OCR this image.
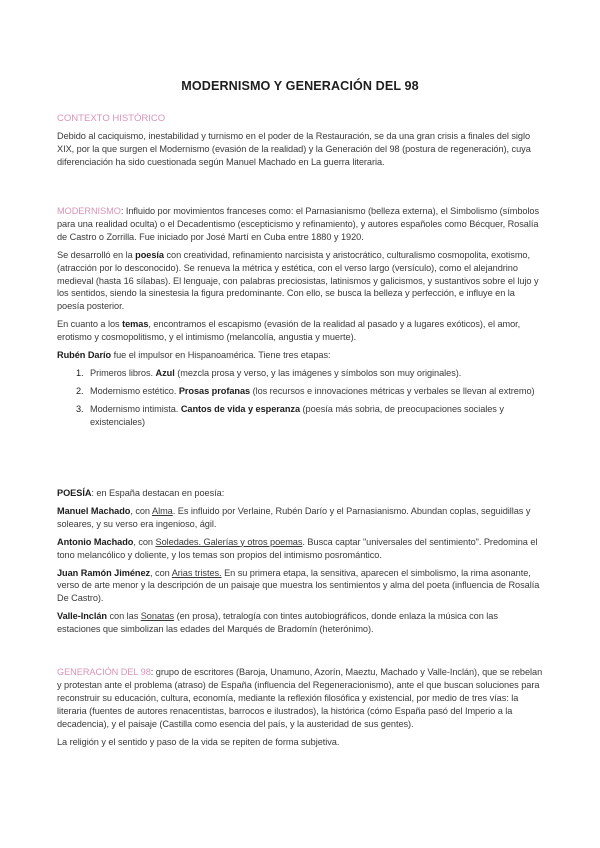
MODERNISMO Y GENERACIÓN DEL 98

CONTEXTO HISTÓRICO

Debido al caciquismo, inestabilidad y turnismo en el poder de la Restauración, se da una gran crisis a finales del siglo XIX, por la que surgen el Modernismo (evasión de la realidad) y la Generación del 98 (postura de regeneración), cuya diferenciación ha sido cuestionada según Manuel Machado en La guerra literaria.

MODERNISMO: Influido por movimientos franceses como: el Parnasianismo (belleza externa), el Simbolismo (símbolos para una realidad oculta) o el Decadentismo (escepticismo y refinamiento), y autores españoles como Bécquer, Rosalía de Castro o Zorrilla. Fue iniciado por José Martí en Cuba entre 1880 y 1920.

Se desarrolló en la poesía con creatividad, refinamiento narcisista y aristocrático, culturalismo cosmopolita, exotismo, (atracción por lo desconocido). Se renueva la métrica y estética, con el verso largo (versículo), como el alejandrino medieval (hasta 16 sílabas). El lenguaje, con palabras preciosistas, latinismos y galicismos, y sustantivos sobre el lujo y los sentidos, siendo la sinestesia la figura predominante. Con ello, se busca la belleza y perfección, e influye en la poesía posterior.

En cuanto a los temas, encontramos el escapismo (evasión de la realidad al pasado y a lugares exóticos), el amor, erotismo y cosmopolitismo, y el intimismo (melancolía, angustia y muerte).

Rubén Darío fue el impulsor en Hispanoamérica. Tiene tres etapas:

1. Primeros libros. Azul (mezcla prosa y verso, y las imágenes y símbolos son muy originales).
2. Modernismo estético. Prosas profanas (los recursos e innovaciones métricas y verbales se llevan al extremo)
3. Modernismo intimista. Cantos de vida y esperanza (poesía más sobria, de preocupaciones sociales y existenciales)

POESÍA: en España destacan en poesía:

Manuel Machado, con Alma. Es influido por Verlaine, Rubén Darío y el Parnasianismo. Abundan coplas, seguidillas y soleares, y su verso era ingenioso, ágil.

Antonio Machado, con Soledades. Galerías y otros poemas. Busca captar "universales del sentimiento". Predomina el tono melancólico y doliente, y los temas son propios del intimismo posromántico.

Juan Ramón Jiménez, con Arias tristes. En su primera etapa, la sensitiva, aparecen el simbolismo, la rima asonante, verso de arte menor y la descripción de un paisaje que muestra los sentimientos y alma del poeta (influencia de Rosalía De Castro).

Valle-Inclán con las Sonatas (en prosa), tetralogía con tintes autobiográficos, donde enlaza la música con las estaciones que simbolizan las edades del Marqués de Bradomín (heterónimo).

GENERACIÓN DEL 98: grupo de escritores (Baroja, Unamuno, Azorín, Maeztu, Machado y Valle-Inclán), que se rebelan y protestan ante el problema (atraso) de España (influencia del Regeneracionismo), ante el que buscan soluciones para reconstruir su educación, cultura, economía, mediante la reflexión filosófica y existencial, por medio de tres vías: la literaria (fuentes de autores renacentistas, barrocos e ilustrados), la histórica (cómo España pasó del Imperio a la decadencia), y el paisaje (Castilla como esencia del país, y la austeridad de sus gentes).

La religión y el sentido y paso de la vida se repiten de forma subjetiva.
